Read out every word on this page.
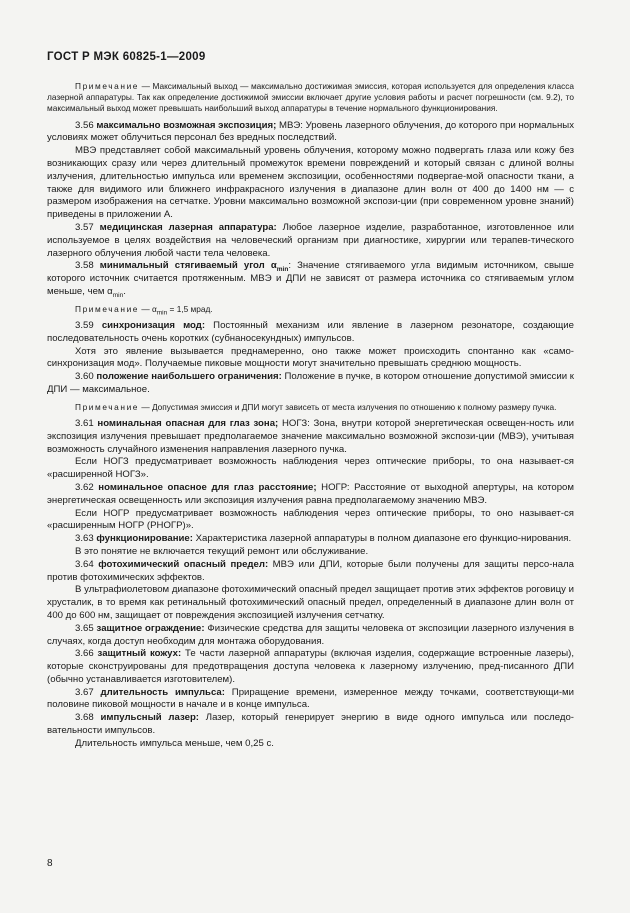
ГОСТ Р МЭК 60825-1—2009

Примечание — Максимальный выход — максимально достижимая эмиссия, которая используется для определения класса лазерной аппаратуры. Так как определение достижимой эмиссии включает другие условия работы и расчет погрешности (см. 9.2), то максимальный выход может превышать наибольший выход аппаратуры в течение нормального функционирования.

3.56 максимально возможная экспозиция; МВЭ: Уровень лазерного облучения, до которого при нормальных условиях может облучиться персонал без вредных последствий.

МВЭ представляет собой максимальный уровень облучения, которому можно подвергать глаза или кожу без возникающих сразу или через длительный промежуток времени повреждений и который связан с длиной волны излучения, длительностью импульса или временем экспозиции, особенностями подвергае-мой опасности ткани, а также для видимого или ближнего инфракрасного излучения в диапазоне длин волн от 400 до 1400 нм — с размером изображения на сетчатке. Уровни максимально возможной экспози-ции (при современном уровне знаний) приведены в приложении А.

3.57 медицинская лазерная аппаратура: Любое лазерное изделие, разработанное, изготовленное или используемое в целях воздействия на человеческий организм при диагностике, хирургии или терапев-тического лазерного облучения любой части тела человека.

3.58 минимальный стягиваемый угол $\alpha_{min}$: Значение стягиваемого угла видимым источником, свыше которого источник считается протяженным. МВЭ и ДПИ не зависят от размера источника со стягиваемым углом меньше, чем $\alpha_{min}$.

Примечание — $\alpha_{min} = 1,5$ мрад.

3.59 синхронизация мод: Постоянный механизм или явление в лазерном резонаторе, создающие последовательность очень коротких (субнаносекундных) импульсов.

Хотя это явление вызывается преднамеренно, оно также может происходить спонтанно как «само-синхронизация мод». Получаемые пиковые мощности могут значительно превышать среднюю мощность.

3.60 положение наибольшего ограничения: Положение в пучке, в котором отношение допустимой эмиссии к ДПИ — максимальное.

Примечание — Допустимая эмиссия и ДПИ могут зависеть от места излучения по отношению к полному размеру пучка.

3.61 номинальная опасная для глаз зона; НОГЗ: Зона, внутри которой энергетическая освещен-ность или экспозиция излучения превышает предполагаемое значение максимально возможной экспози-ции (МВЭ), учитывая возможность случайного изменения направления лазерного пучка.

Если НОГЗ предусматривает возможность наблюдения через оптические приборы, то она называет-ся «расширенной НОГЗ».

3.62 номинальное опасное для глаз расстояние; НОГР: Расстояние от выходной апертуры, на котором энергетическая освещенность или экспозиция излучения равна предполагаемому значению МВЭ.

Если НОГР предусматривает возможность наблюдения через оптические приборы, то оно называет-ся «расширенным НОГР (РНОГР)».

3.63 функционирование: Характеристика лазерной аппаратуры в полном диапазоне его функцио-нирования.

В это понятие не включается текущий ремонт или обслуживание.

3.64 фотохимический опасный предел: МВЭ или ДПИ, которые были получены для защиты персо-нала против фотохимических эффектов.

В ультрафиолетовом диапазоне фотохимический опасный предел защищает против этих эффектов роговицу и хрусталик, в то время как ретинальный фотохимический опасный предел, определенный в диапазоне длин волн от 400 до 600 нм, защищает от повреждения экспозицией излучения сетчатку.

3.65 защитное ограждение: Физические средства для защиты человека от экспозиции лазерного излучения в случаях, когда доступ необходим для монтажа оборудования.

3.66 защитный кожух: Те части лазерной аппаратуры (включая изделия, содержащие встроенные лазеры), которые сконструированы для предотвращения доступа человека к лазерному излучению, пред-писанного ДПИ (обычно устанавливается изготовителем).

3.67 длительность импульса: Приращение времени, измеренное между точками, соответствующи-ми половине пиковой мощности в начале и в конце импульса.

3.68 импульсный лазер: Лазер, который генерирует энергию в виде одного импульса или последо-вательности импульсов.

Длительность импульса меньше, чем 0,25 с.

8
